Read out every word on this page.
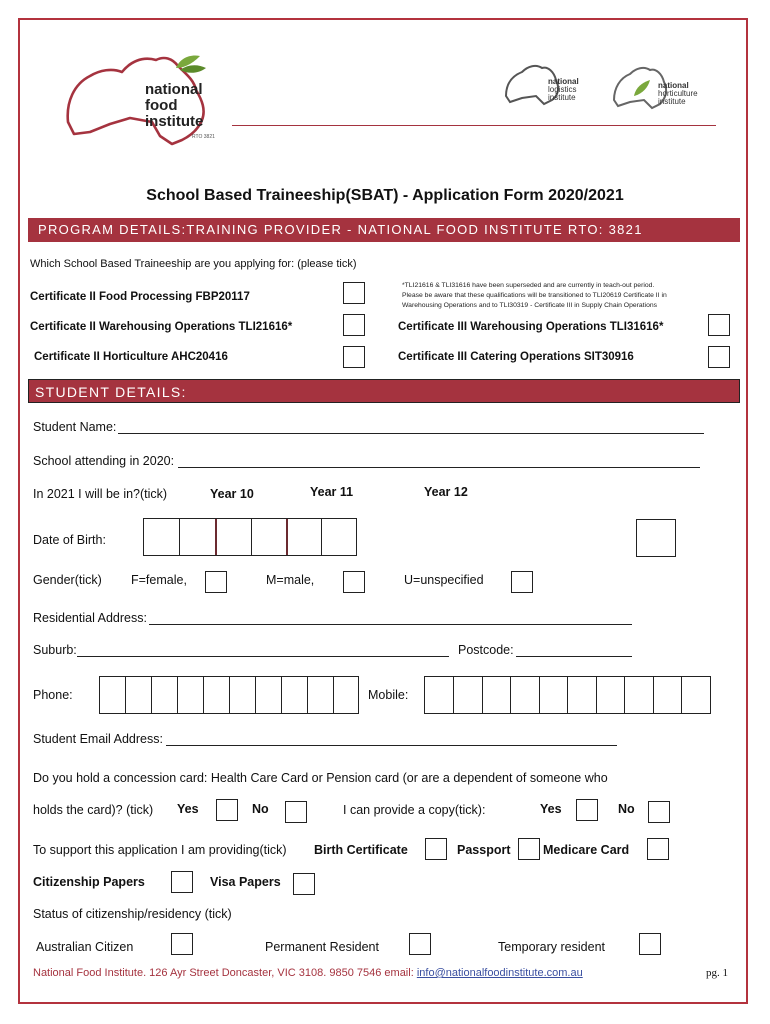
national
food
institute
RTO 3821
national
logistics
institute
national
horticulture
institute
School Based Traineeship(SBAT) - Application Form 2020/2021
PROGRAM DETAILS:TRAINING PROVIDER - NATIONAL FOOD INSTITUTE RTO: 3821
Which School Based Traineeship are you applying for: (please tick)
*TLI21616 & TLI31616 have been superseded and are currently in teach-out period.
Please be aware that these qualifications will be transitioned to TLI20619 Certificate II in
Warehousing Operations and to TLI30319 - Certificate III in Supply Chain Operations
Certificate II Food Processing FBP20117
Certificate II Warehousing Operations TLI21616*	Certificate III Warehousing Operations TLI31616*
Certificate II Horticulture AHC20416	Certificate III Catering Operations SIT30916
STUDENT DETAILS:
Student Name:
School attending in 2020:
In 2021 I will be in?(tick)	Year 10	Year 11	Year 12
Date of Birth:
Gender(tick) F=female,	M=male,	U=unspecified
Residential Address:
Suburb:	Postcode:
Phone:	Mobile:
Student Email Address:
Do you hold a concession card: Health Care Card or Pension card (or are a dependent of someone who
holds the card)? (tick) Yes	No	I can provide a copy(tick):	Yes	No
To support this application I am providing(tick) Birth Certificate	Passport	Medicare Card
Citizenship Papers	Visa Papers
Status of citizenship/residency (tick)
Australian Citizen	Permanent Resident	Temporary resident
National Food Institute. 126 Ayr Street Doncaster, VIC 3108. 9850 7546 email: info@nationalfoodinstitute.com.au	pg. 1
